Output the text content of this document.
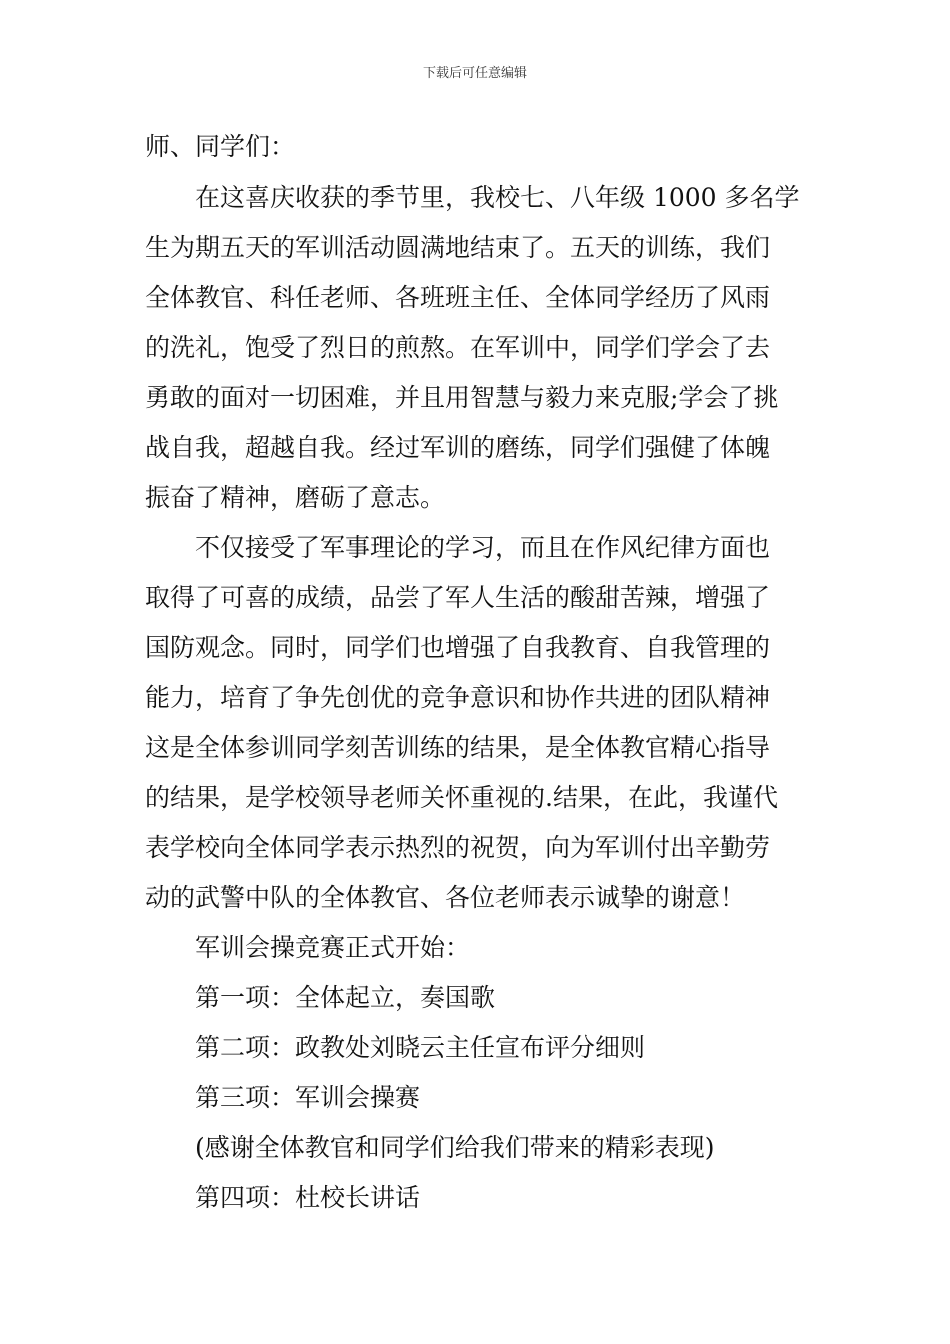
下载后可任意编辑
师、同学们：
在这喜庆收获的季节里，我校七、八年级 1000 多名学
生为期五天的军训活动圆满地结束了。五天的训练，我们
全体教官、科任老师、各班班主任、全体同学经历了风雨
的洗礼，饱受了烈日的煎熬。在军训中，同学们学会了去
勇敢的面对一切困难，并且用智慧与毅力来克服;学会了挑
战自我，超越自我。经过军训的磨练，同学们强健了体魄
振奋了精神，磨砺了意志。
不仅接受了军事理论的学习，而且在作风纪律方面也
取得了可喜的成绩，品尝了军人生活的酸甜苦辣，增强了
国防观念。同时，同学们也增强了自我教育、自我管理的
能力，培育了争先创优的竞争意识和协作共进的团队精神
这是全体参训同学刻苦训练的结果，是全体教官精心指导
的结果，是学校领导老师关怀重视的.结果，在此，我谨代
表学校向全体同学表示热烈的祝贺，向为军训付出辛勤劳
动的武警中队的全体教官、各位老师表示诚挚的谢意！
军训会操竞赛正式开始：
第一项：全体起立，奏国歌
第二项：政教处刘晓云主任宣布评分细则
第三项：军训会操赛
(感谢全体教官和同学们给我们带来的精彩表现)
第四项：杜校长讲话
